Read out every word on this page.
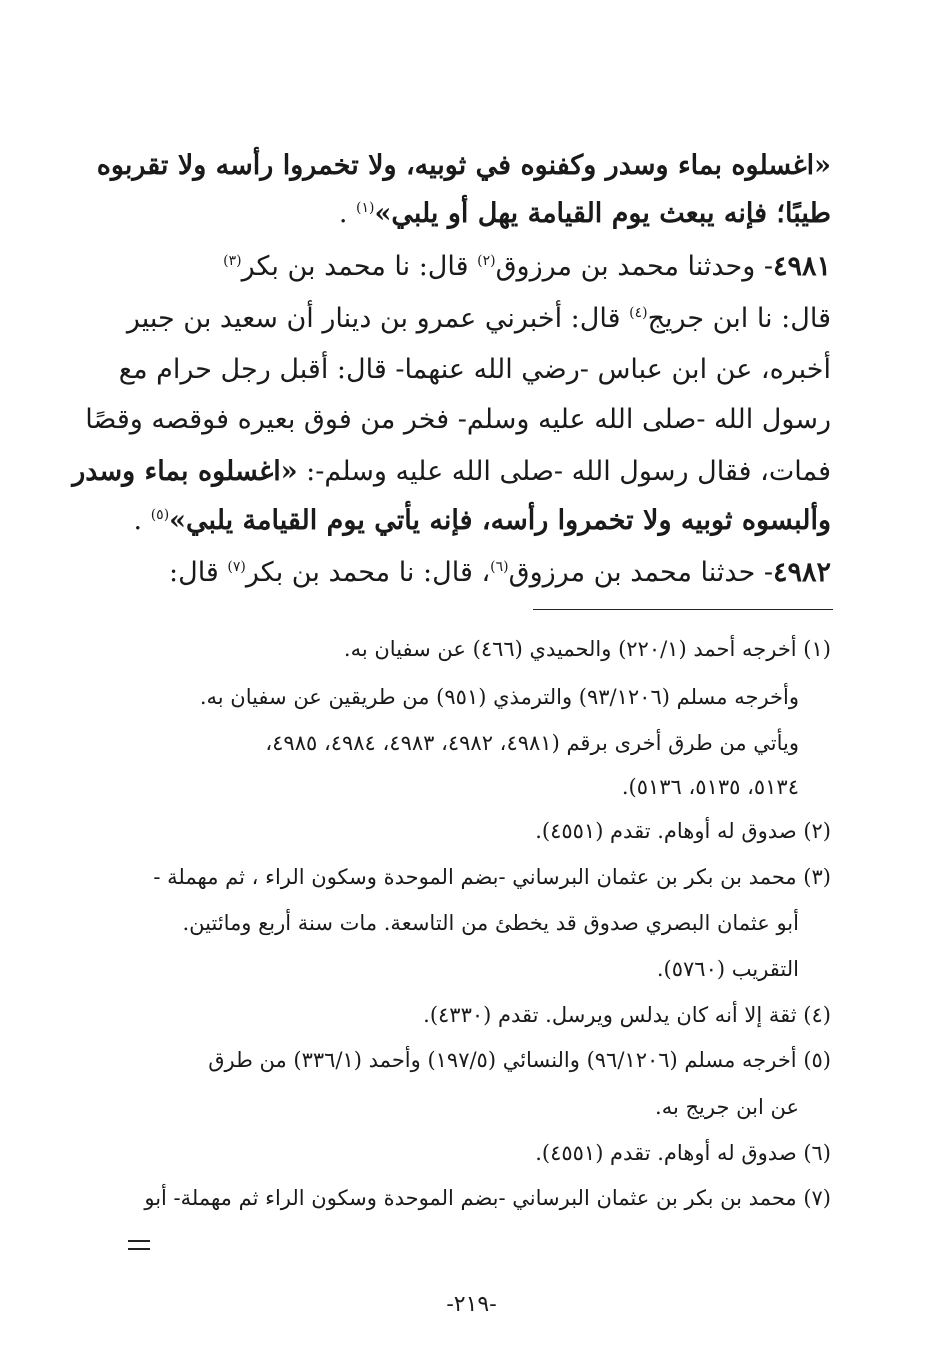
«اغسلوه بماء وسدر وكفنوه في ثوبيه، ولا تخمروا رأسه ولا تقربوه
طيبًا؛ فإنه يبعث يوم القيامة يهل أو يلبي»$^{(١)}$ .
٤٩٨١- وحدثنا محمد بن مرزوق$^{(٢)}$ قال: نا محمد بن بكر$^{(٣)}$
قال: نا ابن جريج$^{(٤)}$ قال: أخبرني عمرو بن دينار أن سعيد بن جبير
أخبره، عن ابن عباس -رضي الله عنهما- قال: أقبل رجل حرام مع
رسول الله -صلى الله عليه وسلم- فخر من فوق بعيره فوقصه وقصًا
فمات، فقال رسول الله -صلى الله عليه وسلم-: «اغسلوه بماء وسدر
وألبسوه ثوبيه ولا تخمروا رأسه، فإنه يأتي يوم القيامة يلبي»$^{(٥)}$ .
٤٩٨٢- حدثنا محمد بن مرزوق$^{(٦)}$، قال: نا محمد بن بكر$^{(٧)}$ قال:
(١) أخرجه أحمد (٢٢٠/١) والحميدي (٤٦٦) عن سفيان به.
وأخرجه مسلم (٩٣/١٢٠٦) والترمذي (٩٥١) من طريقين عن سفيان به.
ويأتي من طرق أخرى برقم (٤٩٨١، ٤٩٨٢، ٤٩٨٣، ٤٩٨٤، ٤٩٨٥،
٥١٣٤، ٥١٣٥، ٥١٣٦).
(٢) صدوق له أوهام. تقدم (٤٥٥١).
(٣) محمد بن بكر بن عثمان البرساني -بضم الموحدة وسكون الراء ، ثم مهملة -
أبو عثمان البصري صدوق قد يخطئ من التاسعة. مات سنة أربع ومائتين.
التقريب (٥٧٦٠).
(٤) ثقة إلا أنه كان يدلس ويرسل. تقدم (٤٣٣٠).
(٥) أخرجه مسلم (٩٦/١٢٠٦) والنسائي (١٩٧/٥) وأحمد (٣٣٦/١) من طرق
عن ابن جريج به.
(٦) صدوق له أوهام. تقدم (٤٥٥١).
(٧) محمد بن بكر بن عثمان البرساني -بضم الموحدة وسكون الراء ثم مهملة- أبو
-٢١٩-
